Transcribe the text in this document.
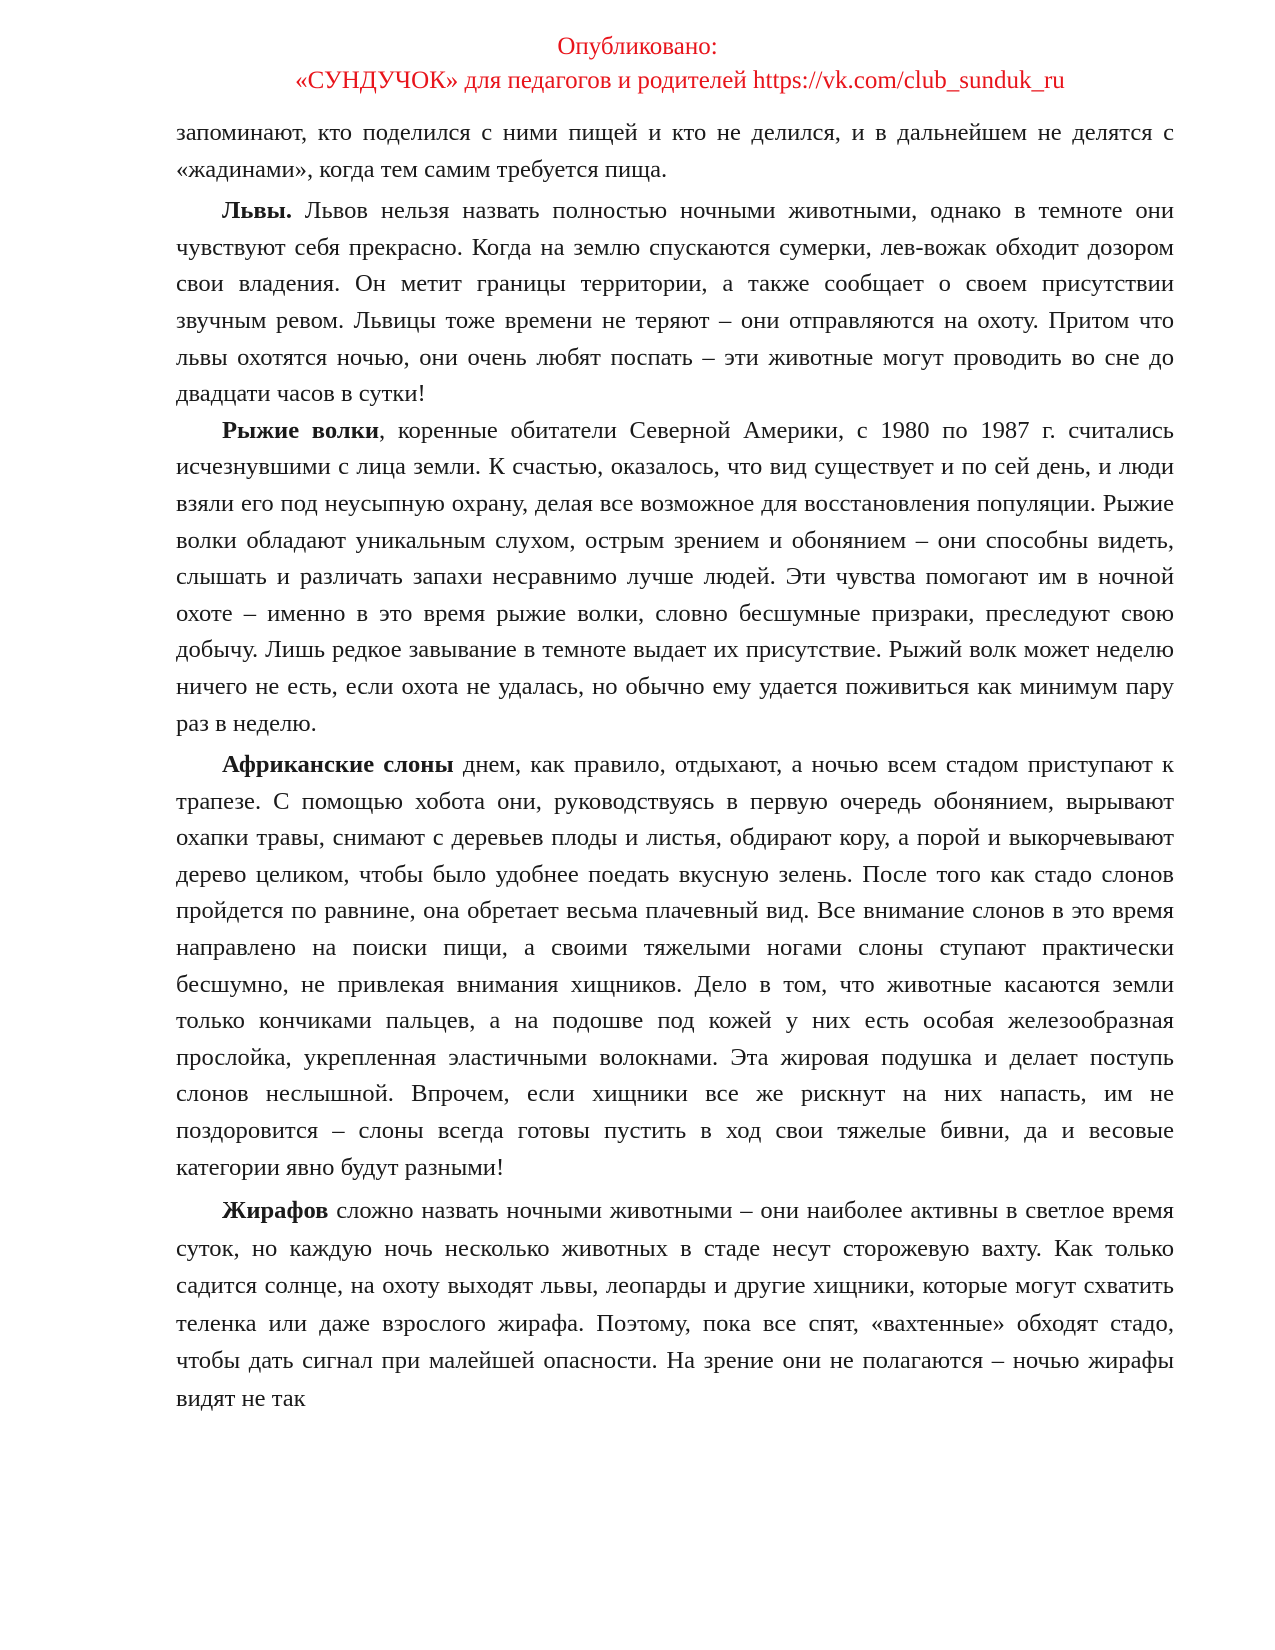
Опубликовано:
«СУНДУЧОК» для педагогов и родителей https://vk.com/club_sunduk_ru

запоминают, кто поделился с ними пищей и кто не делился, и в дальнейшем не делятся с «жадинами», когда тем самим требуется пища.

Львы. Львов нельзя назвать полностью ночными животными, однако в темноте они чувствуют себя прекрасно. Когда на землю спускаются сумерки, лев-вожак обходит дозором свои владения. Он метит границы территории, а также сообщает о своем присутствии звучным ревом. Львицы тоже времени не теряют – они отправляются на охоту. Притом что львы охотятся ночью, они очень любят поспать – эти животные могут проводить во сне до двадцати часов в сутки!

Рыжие волки, коренные обитатели Северной Америки, с 1980 по 1987 г. считались исчезнувшими с лица земли. К счастью, оказалось, что вид существует и по сей день, и люди взяли его под неусыпную охрану, делая все возможное для восстановления популяции. Рыжие волки обладают уникальным слухом, острым зрением и обонянием – они способны видеть, слышать и различать запахи несравнимо лучше людей. Эти чувства помогают им в ночной охоте – именно в это время рыжие волки, словно бесшумные призраки, преследуют свою добычу. Лишь редкое завывание в темноте выдает их присутствие. Рыжий волк может неделю ничего не есть, если охота не удалась, но обычно ему удается поживиться как минимум пару раз в неделю.

Африканские слоны днем, как правило, отдыхают, а ночью всем стадом приступают к трапезе. С помощью хобота они, руководствуясь в первую очередь обонянием, вырывают охапки травы, снимают с деревьев плоды и листья, обдирают кору, а порой и выкорчевывают дерево целиком, чтобы было удобнее поедать вкусную зелень. После того как стадо слонов пройдется по равнине, она обретает весьма плачевный вид. Все внимание слонов в это время направлено на поиски пищи, а своими тяжелыми ногами слоны ступают практически бесшумно, не привлекая внимания хищников. Дело в том, что животные касаются земли только кончиками пальцев, а на подошве под кожей у них есть особая железообразная прослойка, укрепленная эластичными волокнами. Эта жировая подушка и делает поступь слонов неслышной. Впрочем, если хищники все же рискнут на них напасть, им не поздоровится – слоны всегда готовы пустить в ход свои тяжелые бивни, да и весовые категории явно будут разными!

Жирафов сложно назвать ночными животными – они наиболее активны в светлое время суток, но каждую ночь несколько животных в стаде несут сторожевую вахту. Как только садится солнце, на охоту выходят львы, леопарды и другие хищники, которые могут схватить теленка или даже взрослого жирафа. Поэтому, пока все спят, «вахтенные» обходят стадо, чтобы дать сигнал при малейшей опасности. На зрение они не полагаются – ночью жирафы видят не так
